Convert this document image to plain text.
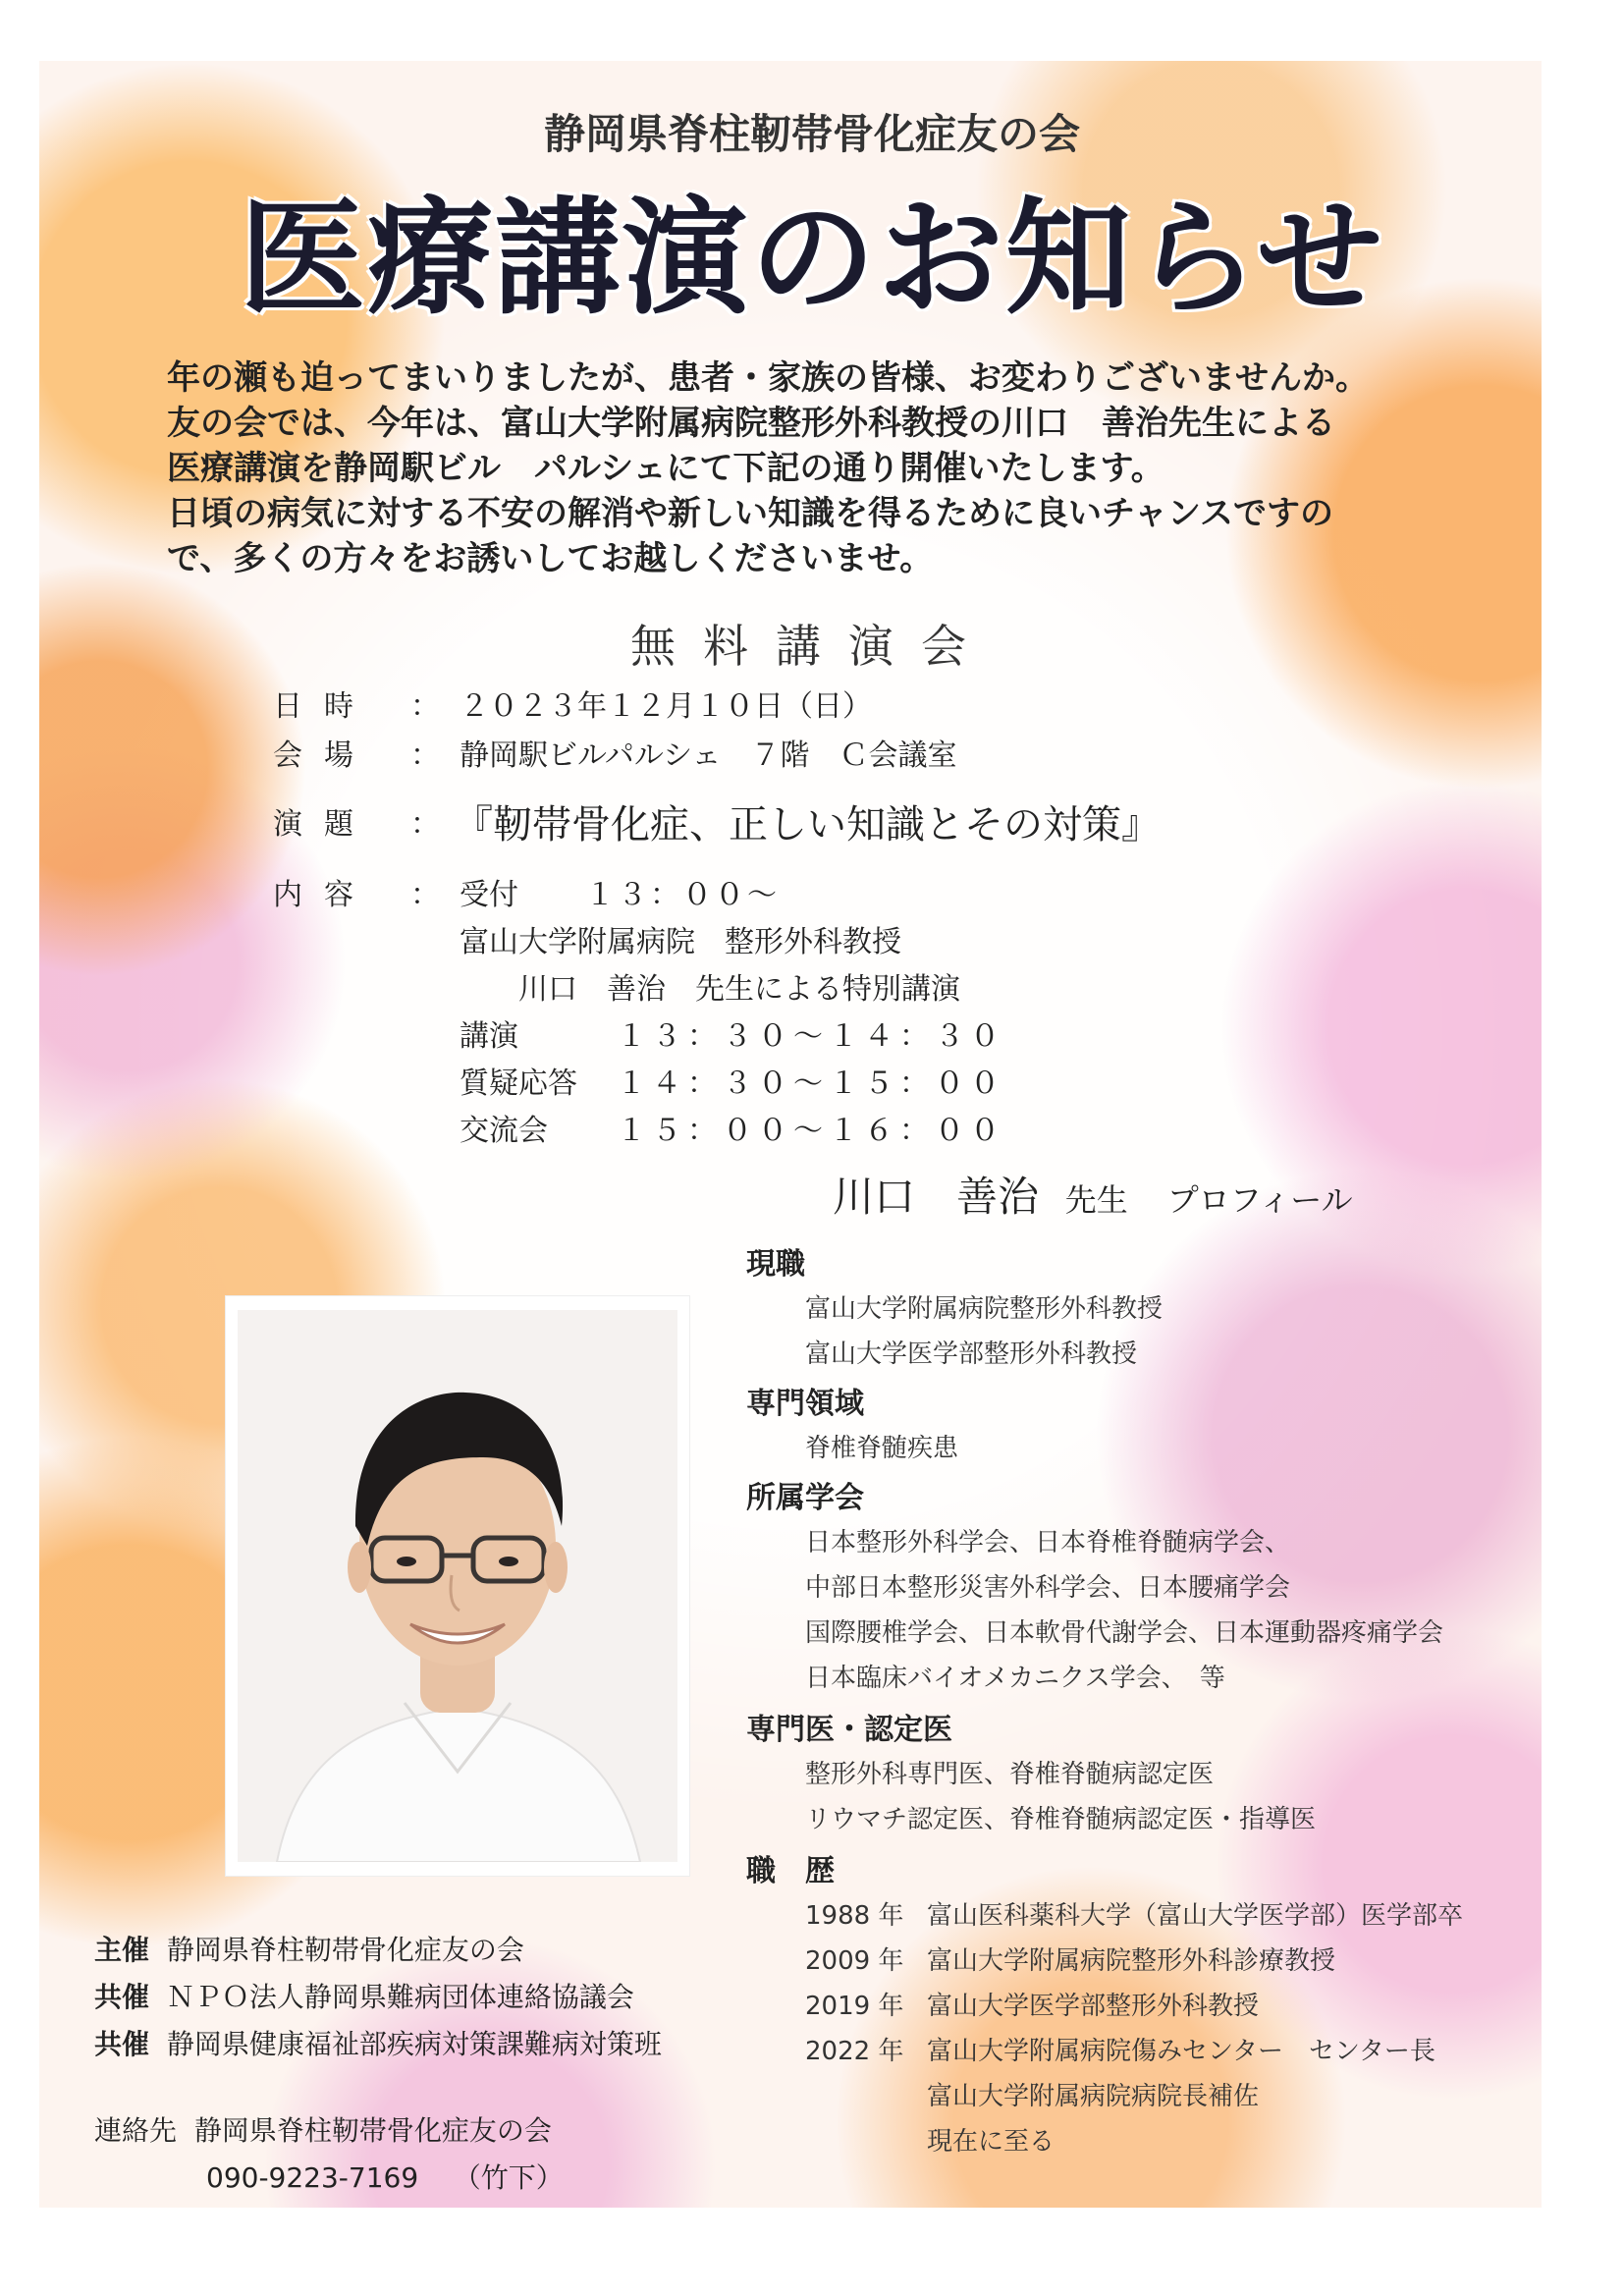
静岡県脊柱靭帯骨化症友の会
医療講演のお知らせ
年の瀬も迫ってまいりましたが、患者・家族の皆様、お変わりございませんか。
友の会では、今年は、富山大学附属病院整形外科教授の川口　善治先生による
医療講演を静岡駅ビル　パルシェにて下記の通り開催いたします。
日頃の病気に対する不安の解消や新しい知識を得るために良いチャンスですの
で、多くの方々をお誘いしてお越しくださいませ。
無料講演会
日時 ： ２０２３年１２月１０日（日）
会場 ： 静岡駅ビルパルシェ　７階　Ｃ会議室
演題 ： 『靭帯骨化症、正しい知識とその対策』
内容 ： 受付 １３：００～
富山大学附属病院　整形外科教授
川口　善治　先生による特別講演
講演	１３：３０～１４：３０
質疑応答 １４：３０～１５：００
交流会 １５：００～１６：００
川口　善治 先生 プロフィール
現職
富山大学附属病院整形外科教授
富山大学医学部整形外科教授
専門領域
脊椎脊髄疾患
所属学会
日本整形外科学会、日本脊椎脊髄病学会、
中部日本整形災害外科学会、日本腰痛学会
国際腰椎学会、日本軟骨代謝学会、日本運動器疼痛学会
日本臨床バイオメカニクス学会、　等
専門医・認定医
整形外科専門医、脊椎脊髄病認定医
リウマチ認定医、脊椎脊髄病認定医・指導医
職　歴
1988 年 富山医科薬科大学（富山大学医学部）医学部卒
2009 年 富山大学附属病院整形外科診療教授
2019 年 富山大学医学部整形外科教授
2022 年 富山大学附属病院傷みセンター　センター長
富山大学附属病院病院長補佐
現在に至る
主催 静岡県脊柱靭帯骨化症友の会
共催 ＮＰＯ法人静岡県難病団体連絡協議会
共催 静岡県健康福祉部疾病対策課難病対策班
連絡先 静岡県脊柱靭帯骨化症友の会
090-9223-7169 （竹下）
